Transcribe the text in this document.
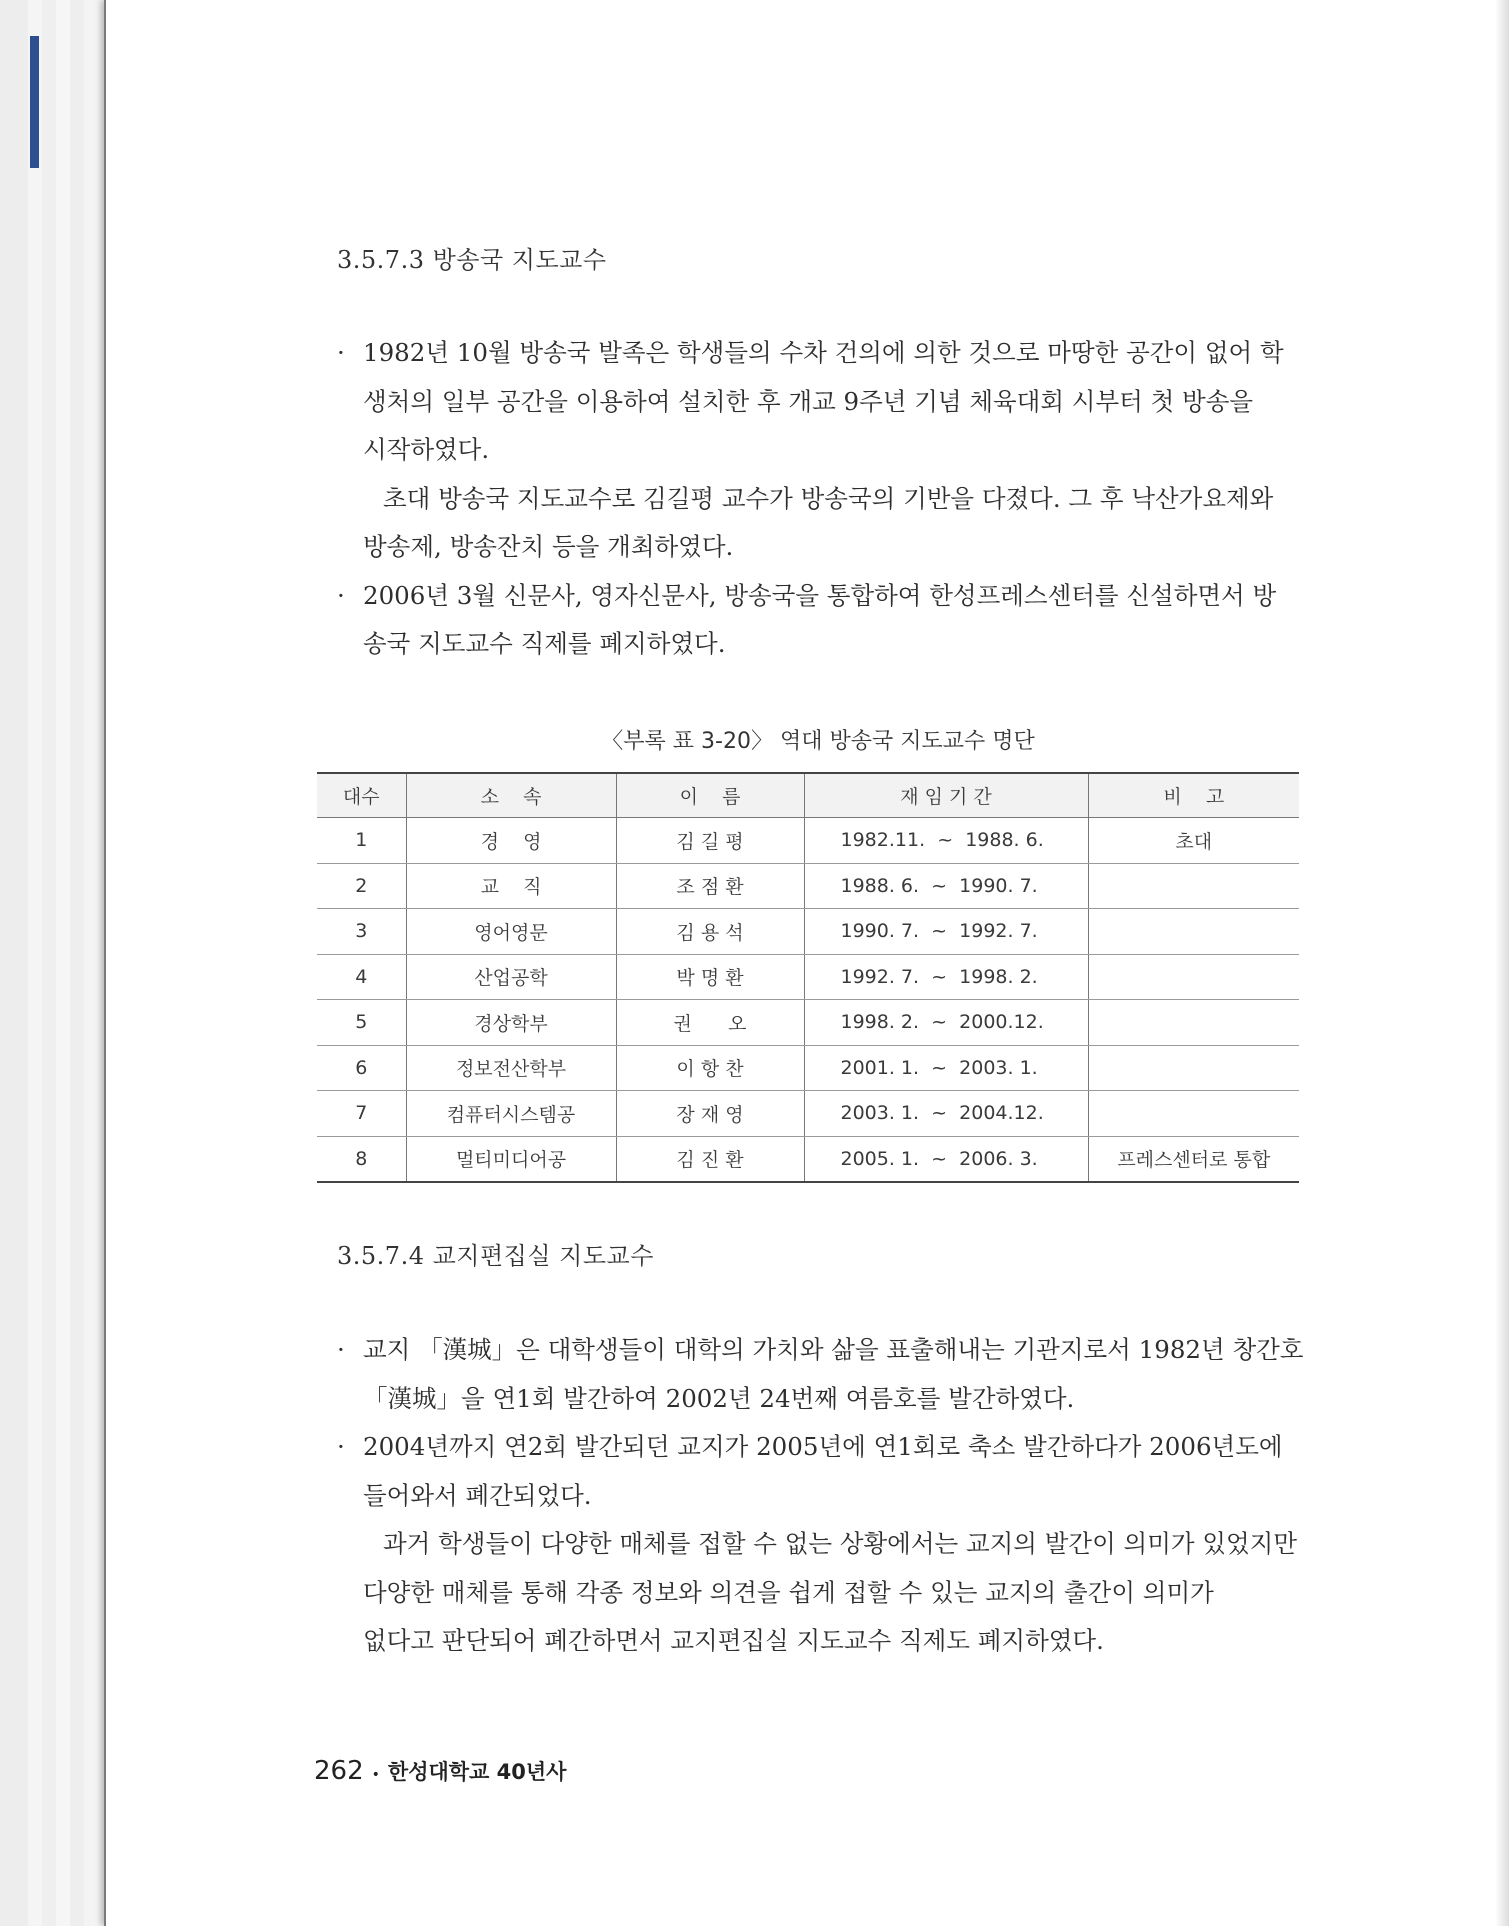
3.5.7.3 방송국 지도교수
· 1982년 10월 방송국 발족은 학생들의 수차 건의에 의한 것으로 마땅한 공간이 없어 학
생처의 일부 공간을 이용하여 설치한 후 개교 9주년 기념 체육대회 시부터 첫 방송을
시작하였다.
초대 방송국 지도교수로 김길평 교수가 방송국의 기반을 다졌다. 그 후 낙산가요제와
방송제, 방송잔치 등을 개최하였다.
· 2006년 3월 신문사, 영자신문사, 방송국을 통합하여 한성프레스센터를 신설하면서 방
송국 지도교수 직제를 폐지하였다.
〈부록 표 3-20〉 역대 방송국 지도교수 명단
대수	소    속	이    름	재 임 기 간	비    고
1	경    영	김 길 평	1982.11.  ~  1988. 6.	초대
2	교    직	조 점 환	1988. 6.  ~  1990. 7.	
3	영어영문	김 용 석	1990. 7.  ~  1992. 7.	
4	산업공학	박 명 환	1992. 7.  ~  1998. 2.	
5	경상학부	권      오	1998. 2.  ~  2000.12.	
6	정보전산학부	이 항 찬	2001. 1.  ~  2003. 1.	
7	컴퓨터시스템공	장 재 영	2003. 1.  ~  2004.12.	
8	멀티미디어공	김 진 환	2005. 1.  ~  2006. 3.	프레스센터로 통합
3.5.7.4 교지편집실 지도교수
· 교지 「漢城」은 대학생들이 대학의 가치와 삶을 표출해내는 기관지로서 1982년 창간호
「漢城」을 연1회 발간하여 2002년 24번째 여름호를 발간하였다.
· 2004년까지 연2회 발간되던 교지가 2005년에 연1회로 축소 발간하다가 2006년도에
들어와서 폐간되었다.
과거 학생들이 다양한 매체를 접할 수 없는 상황에서는 교지의 발간이 의미가 있었지만
다양한 매체를 통해 각종 정보와 의견을 쉽게 접할 수 있는 교지의 출간이 의미가
없다고 판단되어 폐간하면서 교지편집실 지도교수 직제도 폐지하였다.
262 • 한성대학교 40년사
